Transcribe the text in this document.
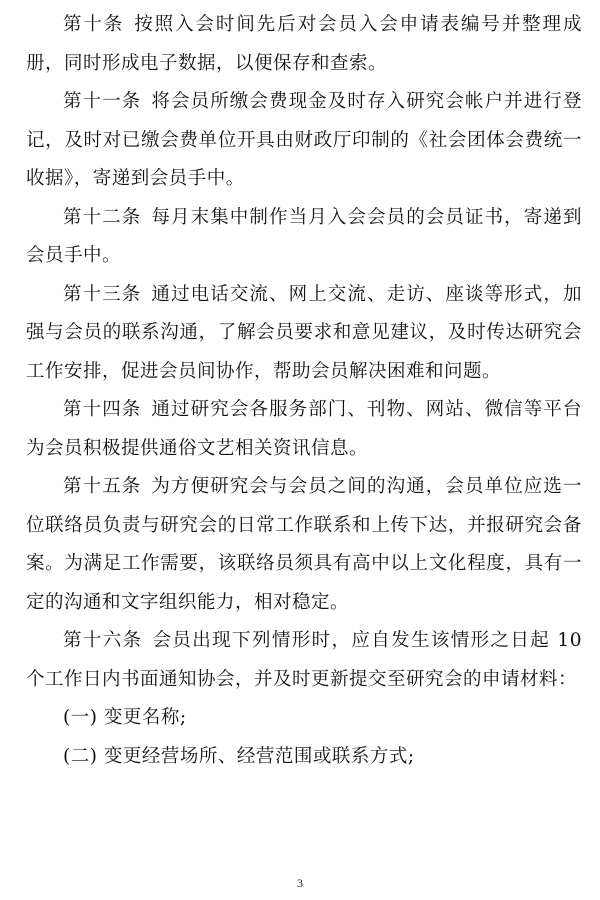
第十条 按照入会时间先后对会员入会申请表编号并整理成册，同时形成电子数据，以便保存和查索。

第十一条 将会员所缴会费现金及时存入研究会帐户并进行登记，及时对已缴会费单位开具由财政厅印制的《社会团体会费统一收据》，寄递到会员手中。

第十二条 每月末集中制作当月入会会员的会员证书，寄递到会员手中。

第十三条 通过电话交流、网上交流、走访、座谈等形式，加强与会员的联系沟通，了解会员要求和意见建议，及时传达研究会工作安排，促进会员间协作，帮助会员解决困难和问题。

第十四条 通过研究会各服务部门、刊物、网站、微信等平台为会员积极提供通俗文艺相关资讯信息。

第十五条 为方便研究会与会员之间的沟通，会员单位应选一位联络员负责与研究会的日常工作联系和上传下达，并报研究会备案。为满足工作需要，该联络员须具有高中以上文化程度，具有一定的沟通和文字组织能力，相对稳定。

第十六条 会员出现下列情形时，应自发生该情形之日起 10 个工作日内书面通知协会，并及时更新提交至研究会的申请材料：

(一) 变更名称;

(二) 变更经营场所、经营范围或联系方式;

3
